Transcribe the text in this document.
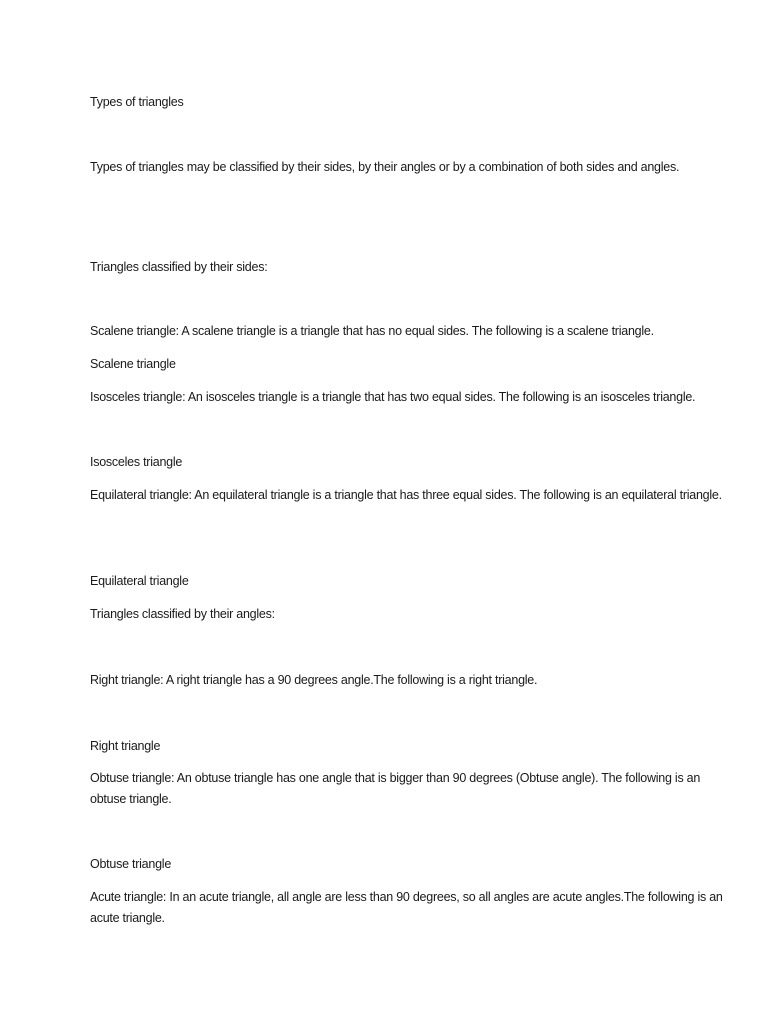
Types of triangles

Types of triangles may be classified by their sides, by their angles or by a combination of both sides and angles.

Triangles classified by their sides:

Scalene triangle: A scalene triangle is a triangle that has no equal sides. The following is a scalene triangle.

Scalene triangle

Isosceles triangle: An isosceles triangle is a triangle that has two equal sides. The following is an isosceles triangle.

Isosceles triangle

Equilateral triangle: An equilateral triangle is a triangle that has three equal sides. The following is an equilateral triangle.

Equilateral triangle

Triangles classified by their angles:

Right triangle: A right triangle has a 90 degrees angle.The following is a right triangle.

Right triangle

Obtuse triangle: An obtuse triangle has one angle that is bigger than 90 degrees (Obtuse angle). The following is an obtuse triangle.

Obtuse triangle

Acute triangle: In an acute triangle, all angle are less than 90 degrees, so all angles are acute angles.The following is an acute triangle.
